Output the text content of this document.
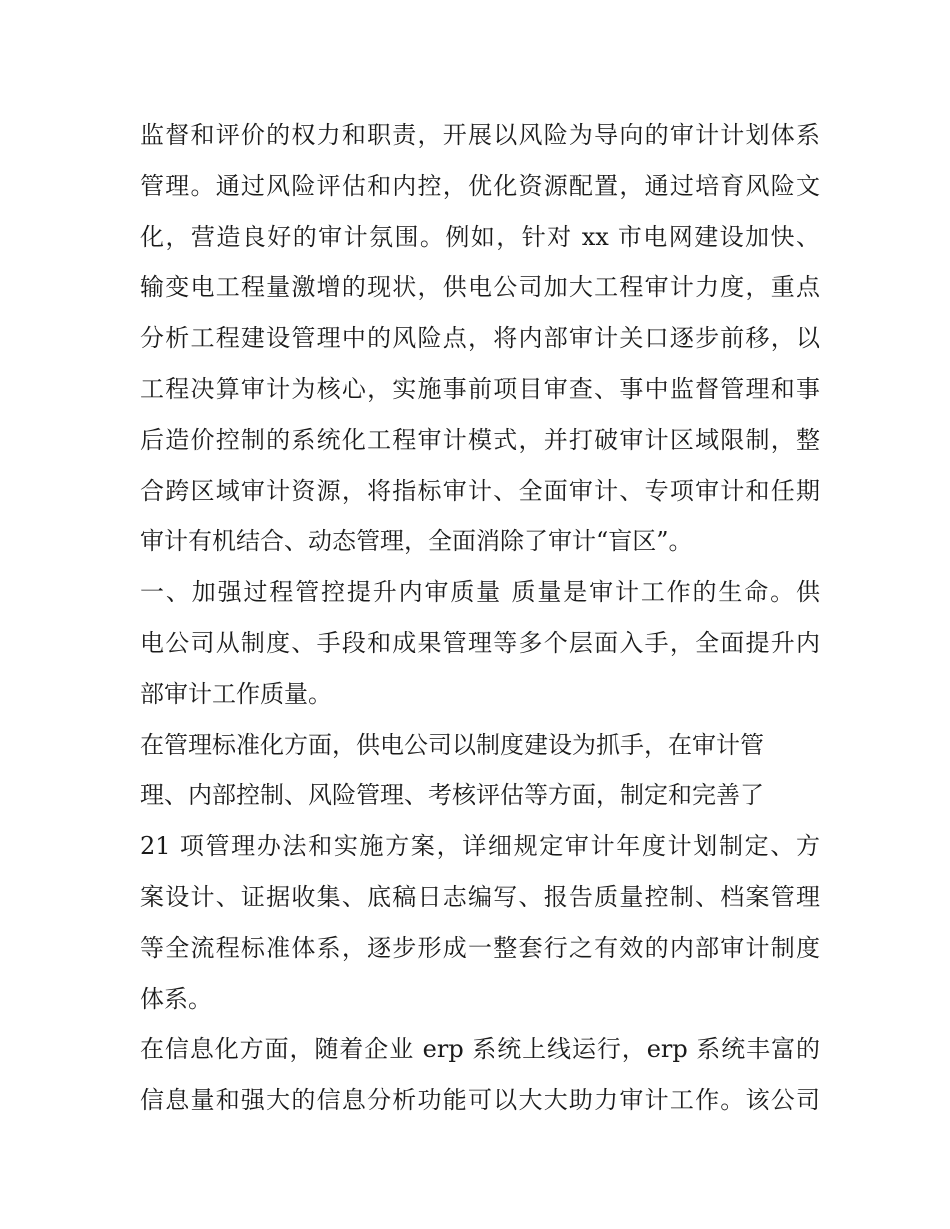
监督和评价的权力和职责，开展以风险为导向的审计计划体系
管理。通过风险评估和内控，优化资源配置，通过培育风险文
化，营造良好的审计氛围。例如，针对 xx 市电网建设加快、
输变电工程量激增的现状，供电公司加大工程审计力度，重点
分析工程建设管理中的风险点，将内部审计关口逐步前移，以
工程决算审计为核心，实施事前项目审查、事中监督管理和事
后造价控制的系统化工程审计模式，并打破审计区域限制，整
合跨区域审计资源，将指标审计、全面审计、专项审计和任期
审计有机结合、动态管理，全面消除了审计“盲区”。
一、加强过程管控提升内审质量 质量是审计工作的生命。供
电公司从制度、手段和成果管理等多个层面入手，全面提升内
部审计工作质量。
在管理标准化方面，供电公司以制度建设为抓手，在审计管
理、内部控制、风险管理、考核评估等方面，制定和完善了
21 项管理办法和实施方案，详细规定审计年度计划制定、方
案设计、证据收集、底稿日志编写、报告质量控制、档案管理
等全流程标准体系，逐步形成一整套行之有效的内部审计制度
体系。
在信息化方面，随着企业 erp 系统上线运行，erp 系统丰富的
信息量和强大的信息分析功能可以大大助力审计工作。该公司
